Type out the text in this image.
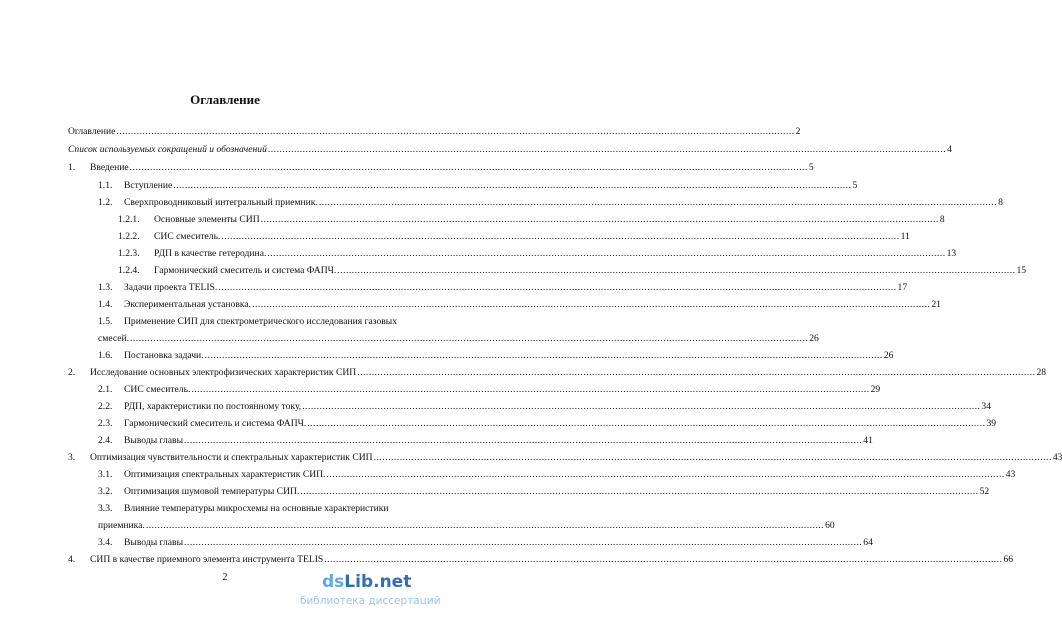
Оглавление
Оглавление .....	2
Список используемых сокращений и обозначений .....	4
1.	Введение .....	5
1.1.	Вступление .....	5
1.2.	Сверхпроводниковый интегральный приемник. .....	8
1.2.1.	Основные элементы СИП .....	8
1.2.2.	СИС смеситель. .....	11
1.2.3.	РДП в качестве гетеродина. .....	13
1.2.4.	Гармонический смеситель и система ФАПЧ. .....	15
1.3.	Задачи проекта TELIS. .....	17
1.4.	Экспериментальная установка. .....	21
1.5.	Применение СИП для спектрометрического исследования газовых
смесей. .....	26
1.6.	Постановка задачи. .....	26
2.	Исследование основных электрофизических характеристик СИП .....	28
2.1.	СИС смеситель. .....	29
2.2.	РДП, характеристики по постоянному току, .....	34
2.3.	Гармонический смеситель и система ФАПЧ. .....	39
2.4.	Выводы главы .....	41
3.	Оптимизация чувствительности и спектральных характеристик СИП .....	43
3.1.	Оптимизация спектральных характеристик СИП. .....	43
3.2.	Оптимизация шумовой температуры СИП. .....	52
3.3.	Влияние температуры микросхемы на основные характеристики
приемника. .....	60
3.4.	Выводы главы .....	64
4.	СИП в качестве приемного элемента инструмента TELIS .....	66
2	dsLib.net
библиотека диссертаций
